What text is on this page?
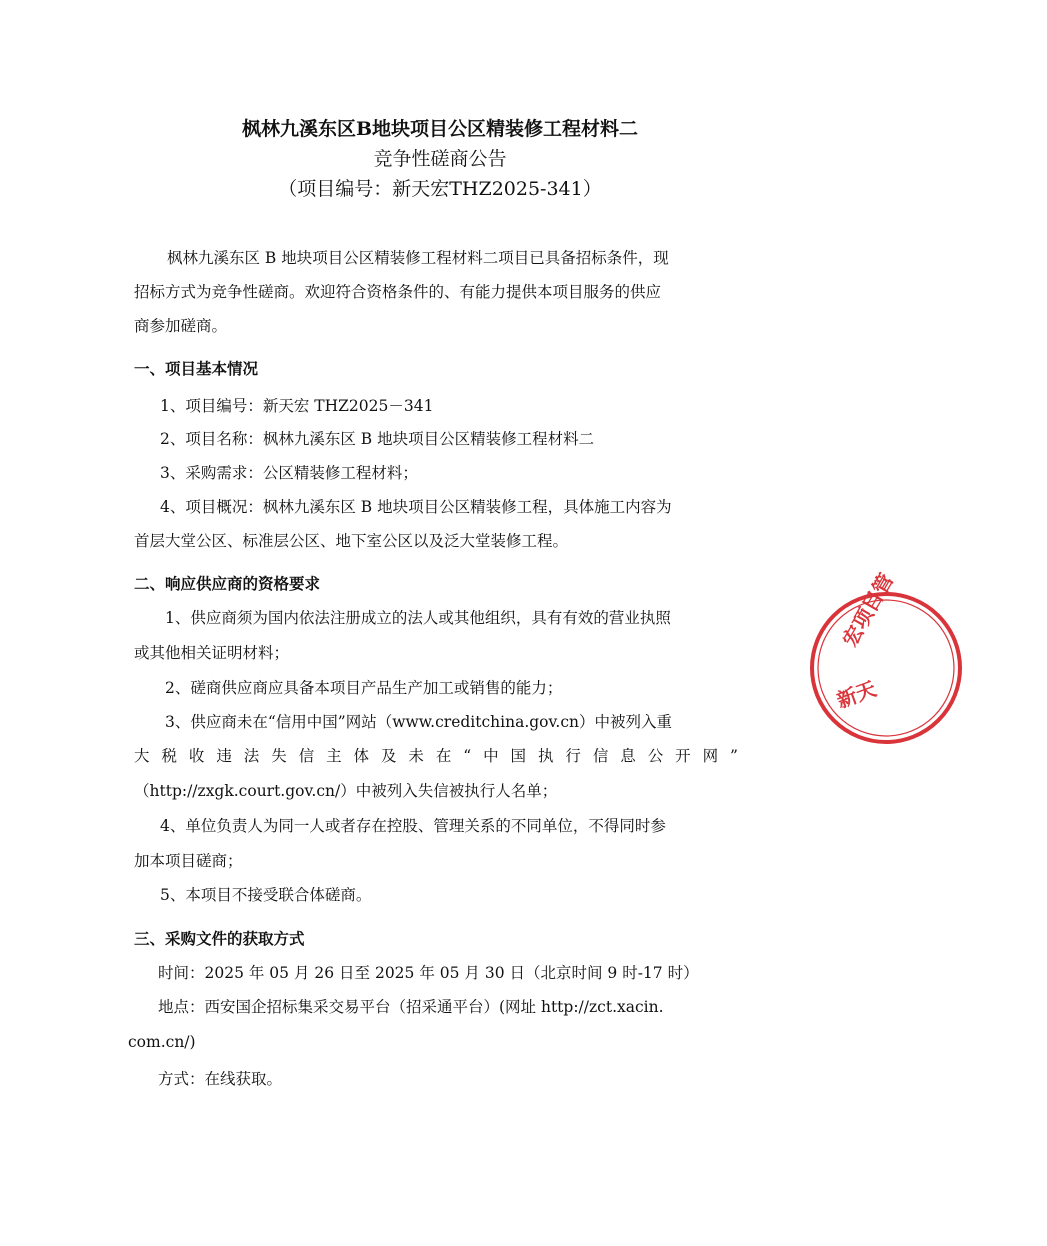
枫林九溪东区B地块项目公区精装修工程材料二
竞争性磋商公告
（项目编号：新天宏THZ2025-341）
枫林九溪东区 B 地块项目公区精装修工程材料二项目已具备招标条件，现
招标方式为竞争性磋商。欢迎符合资格条件的、有能力提供本项目服务的供应
商参加磋商。
一、项目基本情况
1、项目编号：新天宏 THZ2025－341
2、项目名称：枫林九溪东区 B 地块项目公区精装修工程材料二
3、采购需求：公区精装修工程材料；
4、项目概况：枫林九溪东区 B 地块项目公区精装修工程，具体施工内容为
首层大堂公区、标准层公区、地下室公区以及泛大堂装修工程。
二、响应供应商的资格要求
1、供应商须为国内依法注册成立的法人或其他组织，具有有效的营业执照
或其他相关证明材料；
2、磋商供应商应具备本项目产品生产加工或销售的能力；
3、供应商未在“信用中国”网站（www.creditchina.gov.cn）中被列入重
大 税 收 违 法 失 信 主 体 及 未 在 “ 中 国 执 行 信 息 公 开 网 ”
（http://zxgk.court.gov.cn/）中被列入失信被执行人名单；
4、单位负责人为同一人或者存在控股、管理关系的不同单位，不得同时参
加本项目磋商；
5、本项目不接受联合体磋商。
三、采购文件的获取方式
时间：2025 年 05 月 26 日至 2025 年 05 月 30 日（北京时间 9 时-17 时）
地点：西安国企招标集采交易平台（招采通平台）(网址 http://zct.xacin.
com.cn/)
方式：在线获取。
宏项目管
新天
